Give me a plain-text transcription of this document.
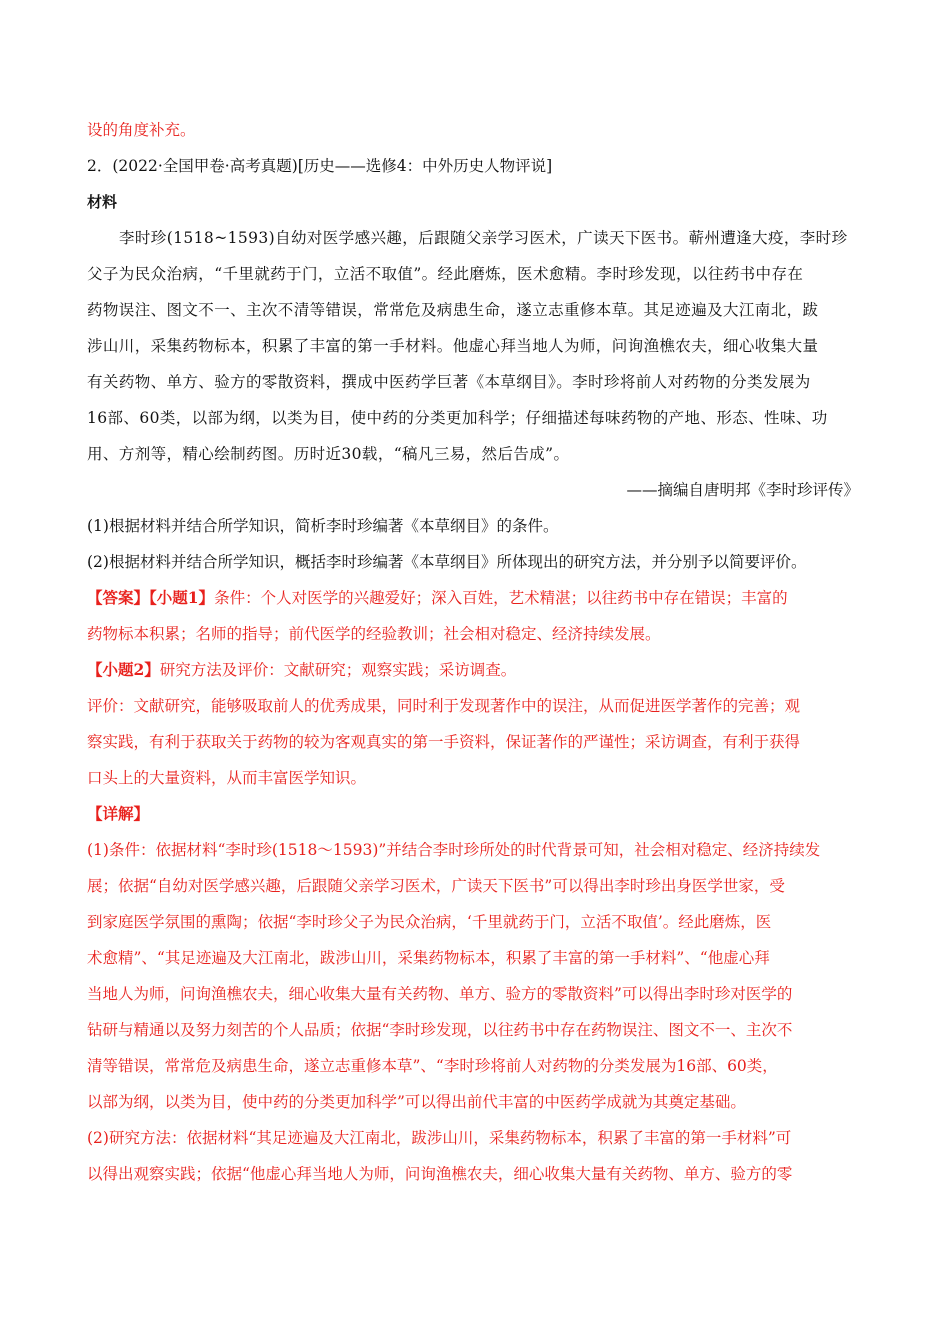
设的角度补充。
2．(2022·全国甲卷·高考真题)[历史——选修4：中外历史人物评说]
材料
李时珍(1518~1593)自幼对医学感兴趣，后跟随父亲学习医术，广读天下医书。蕲州遭逢大疫，李时珍
父子为民众治病，“千里就药于门，立活不取值”。经此磨炼，医术愈精。李时珍发现，以往药书中存在
药物误注、图文不一、主次不清等错误，常常危及病患生命，遂立志重修本草。其足迹遍及大江南北，跋
涉山川，采集药物标本，积累了丰富的第一手材料。他虚心拜当地人为师，问询渔樵农夫，细心收集大量
有关药物、单方、验方的零散资料，撰成中医药学巨著《本草纲目》。李时珍将前人对药物的分类发展为
16部、60类，以部为纲，以类为目，使中药的分类更加科学；仔细描述每味药物的产地、形态、性味、功
用、方剂等，精心绘制药图。历时近30载，“稿凡三易，然后告成”。
——摘编自唐明邦《李时珍评传》
(1)根据材料并结合所学知识，简析李时珍编著《本草纲目》的条件。
(2)根据材料并结合所学知识，概括李时珍编著《本草纲目》所体现出的研究方法，并分别予以简要评价。
【答案】【小题1】条件：个人对医学的兴趣爱好；深入百姓，艺术精湛；以往药书中存在错误；丰富的
药物标本积累；名师的指导；前代医学的经验教训；社会相对稳定、经济持续发展。
【小题2】研究方法及评价：文献研究；观察实践；采访调查。
评价：文献研究，能够吸取前人的优秀成果，同时利于发现著作中的误注，从而促进医学著作的完善；观
察实践，有利于获取关于药物的较为客观真实的第一手资料，保证著作的严谨性；采访调查，有利于获得
口头上的大量资料，从而丰富医学知识。
【详解】
(1)条件：依据材料“李时珍(1518～1593)”并结合李时珍所处的时代背景可知，社会相对稳定、经济持续发
展；依据“自幼对医学感兴趣，后跟随父亲学习医术，广读天下医书”可以得出李时珍出身医学世家，受
到家庭医学氛围的熏陶；依据“李时珍父子为民众治病，‘千里就药于门，立活不取值’。经此磨炼，医
术愈精”、“其足迹遍及大江南北，跋涉山川，采集药物标本，积累了丰富的第一手材料”、“他虚心拜
当地人为师，问询渔樵农夫，细心收集大量有关药物、单方、验方的零散资料”可以得出李时珍对医学的
钻研与精通以及努力刻苦的个人品质；依据“李时珍发现，以往药书中存在药物误注、图文不一、主次不
清等错误，常常危及病患生命，遂立志重修本草”、“李时珍将前人对药物的分类发展为16部、60类，
以部为纲，以类为目，使中药的分类更加科学”可以得出前代丰富的中医药学成就为其奠定基础。
(2)研究方法：依据材料“其足迹遍及大江南北，跋涉山川，采集药物标本，积累了丰富的第一手材料”可
以得出观察实践；依据“他虚心拜当地人为师，问询渔樵农夫，细心收集大量有关药物、单方、验方的零
